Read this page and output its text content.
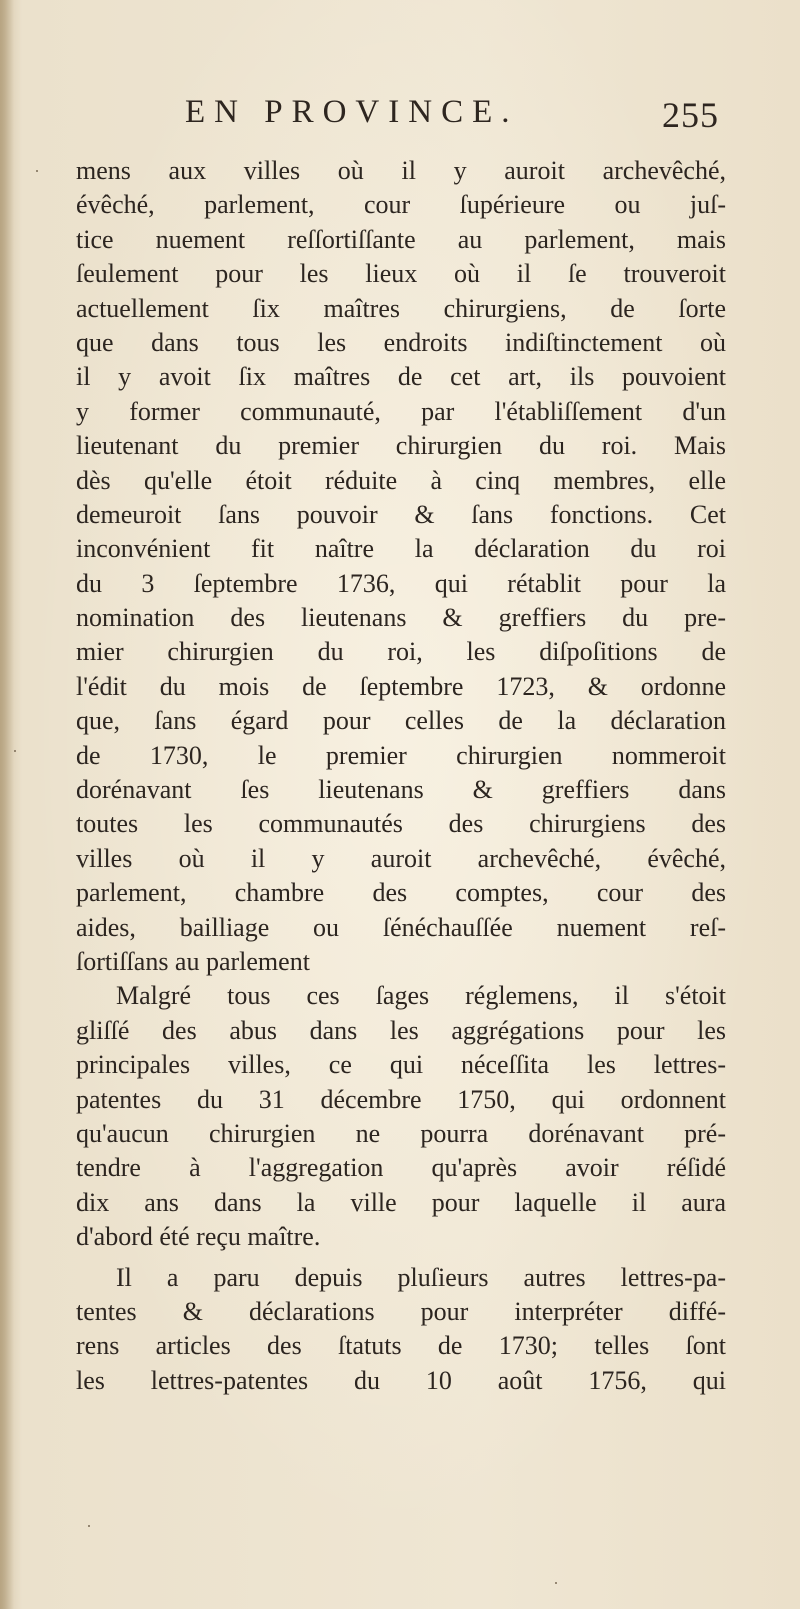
EN PROVINCE.	255
mens aux villes où il y auroit archevêché,
évêché, parlement, cour ſupérieure ou juſ-
tice nuement reſſortiſſante au parlement, mais
ſeulement pour les lieux où il ſe trouveroit
actuellement ſix maîtres chirurgiens, de ſorte
que dans tous les endroits indiſtinctement où
il y avoit ſix maîtres de cet art, ils pouvoient
y former communauté, par l'établiſſement d'un
lieutenant du premier chirurgien du roi. Mais
dès qu'elle étoit réduite à cinq membres, elle
demeuroit ſans pouvoir & ſans fonctions. Cet
inconvénient fit naître la déclaration du roi
du 3 ſeptembre 1736, qui rétablit pour la
nomination des lieutenans & greffiers du pre-
mier chirurgien du roi, les diſpoſitions de
l'édit du mois de ſeptembre 1723, & ordonne
que, ſans égard pour celles de la déclaration
de 1730, le premier chirurgien nommeroit
dorénavant ſes lieutenans & greffiers dans
toutes les communautés des chirurgiens des
villes où il y auroit archevêché, évêché,
parlement, chambre des comptes, cour des
aides, bailliage ou ſénéchauſſée nuement reſ-
ſortiſſans au parlement
Malgré tous ces ſages réglemens, il s'étoit
gliſſé des abus dans les aggrégations pour les
principales villes, ce qui néceſſita les lettres-
patentes du 31 décembre 1750, qui ordonnent
qu'aucun chirurgien ne pourra dorénavant pré-
tendre à l'aggregation qu'après avoir réſidé
dix ans dans la ville pour laquelle il aura
d'abord été reçu maître.
Il a paru depuis pluſieurs autres lettres-pa-
tentes & déclarations pour interpréter diffé-
rens articles des ſtatuts de 1730; telles ſont
les lettres-patentes du 10 août 1756, qui
